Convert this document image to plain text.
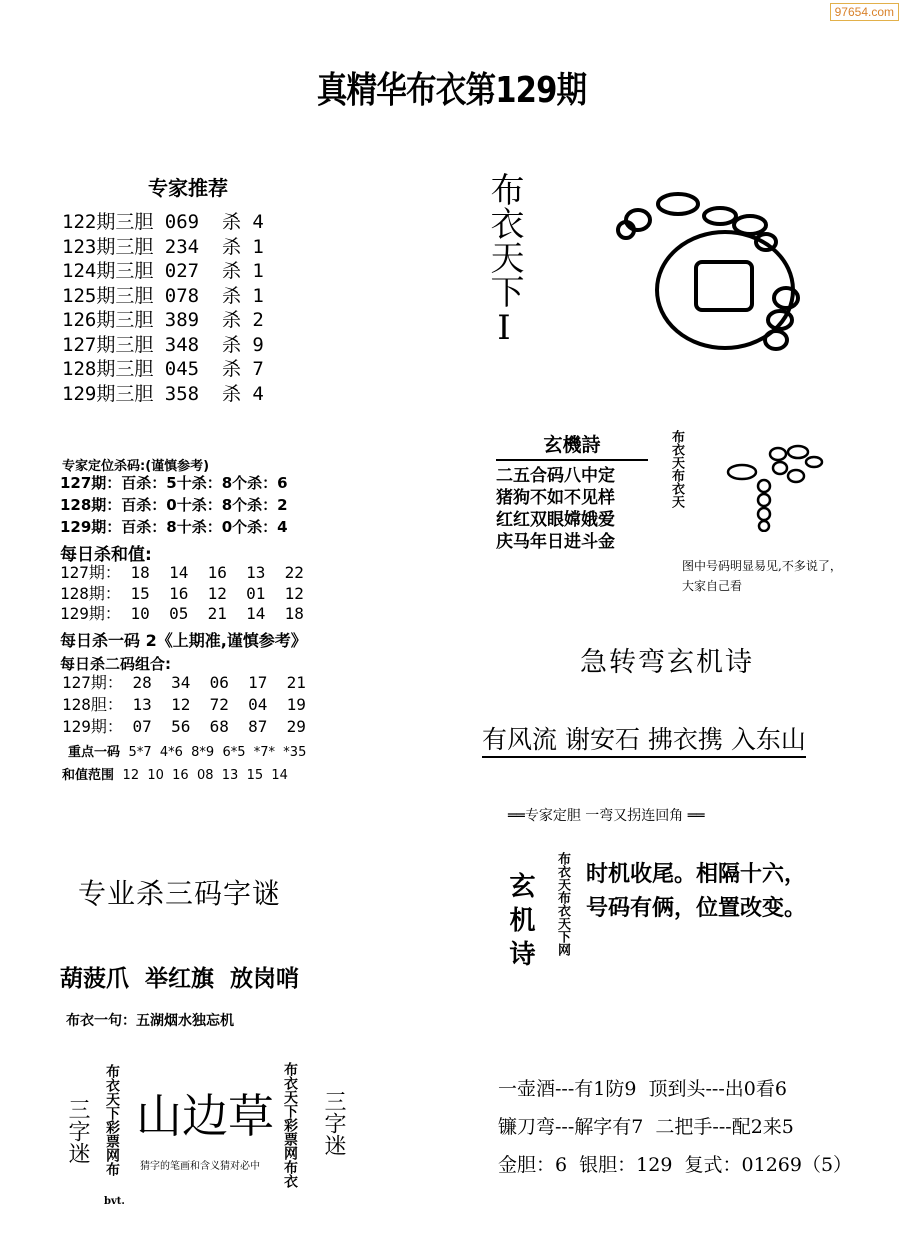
97654.com
真精华布衣第129期
专家推荐
122期三胆 069  杀 4
123期三胆 234  杀 1
124期三胆 027  杀 1
125期三胆 078  杀 1
126期三胆 389  杀 2
127期三胆 348  杀 9
128期三胆 045  杀 7
129期三胆 358  杀 4
专家定位杀码:(谨慎参考)
127期：百杀：5十杀：8个杀：6
128期：百杀：0十杀：8个杀：2
129期：百杀：8十杀：0个杀：4
每日杀和值:
127期： 18  14  16  13  22
128期： 15  16  12  01  12
129期： 10  05  21  14  18
每日杀一码 2《上期准,谨慎参考》
每日杀二码组合:
127期： 28  34  06  17  21
128胆： 13  12  72  04  19
129期： 07  56  68  87  29
重点一码 5*7  4*6  8*9  6*5  *7*  *35
和值范围 12  10  16  08  13  15  14
专业杀三码字谜
葫菠爪  举红旗  放岗哨
布衣一句：五湖烟水独忘机
三字迷 布衣天下彩票网布
bvt.
山边草
猜字的笔画和含义猜对必中	布衣天下彩票网布衣 三字迷
布衣天下I
玄機詩
二五合码八中定
猪狗不如不见样
红红双眼嫦娥爱
庆马年日进斗金
布衣天布衣天
图中号码明显易见,不多说了，大家自己看
急转弯玄机诗
有风流 谢安石 拂衣携 入东山
══专家定胆 一弯又拐连回角 ══
玄机诗	布衣天布衣天下网 时机收尾。相隔十六，
号码有俩，位置改变。
一壶酒---有1防9  顶到头---出0看6
镰刀弯---解字有7  二把手---配2来5
金胆：6  银胆：129  复式：01269（5）
